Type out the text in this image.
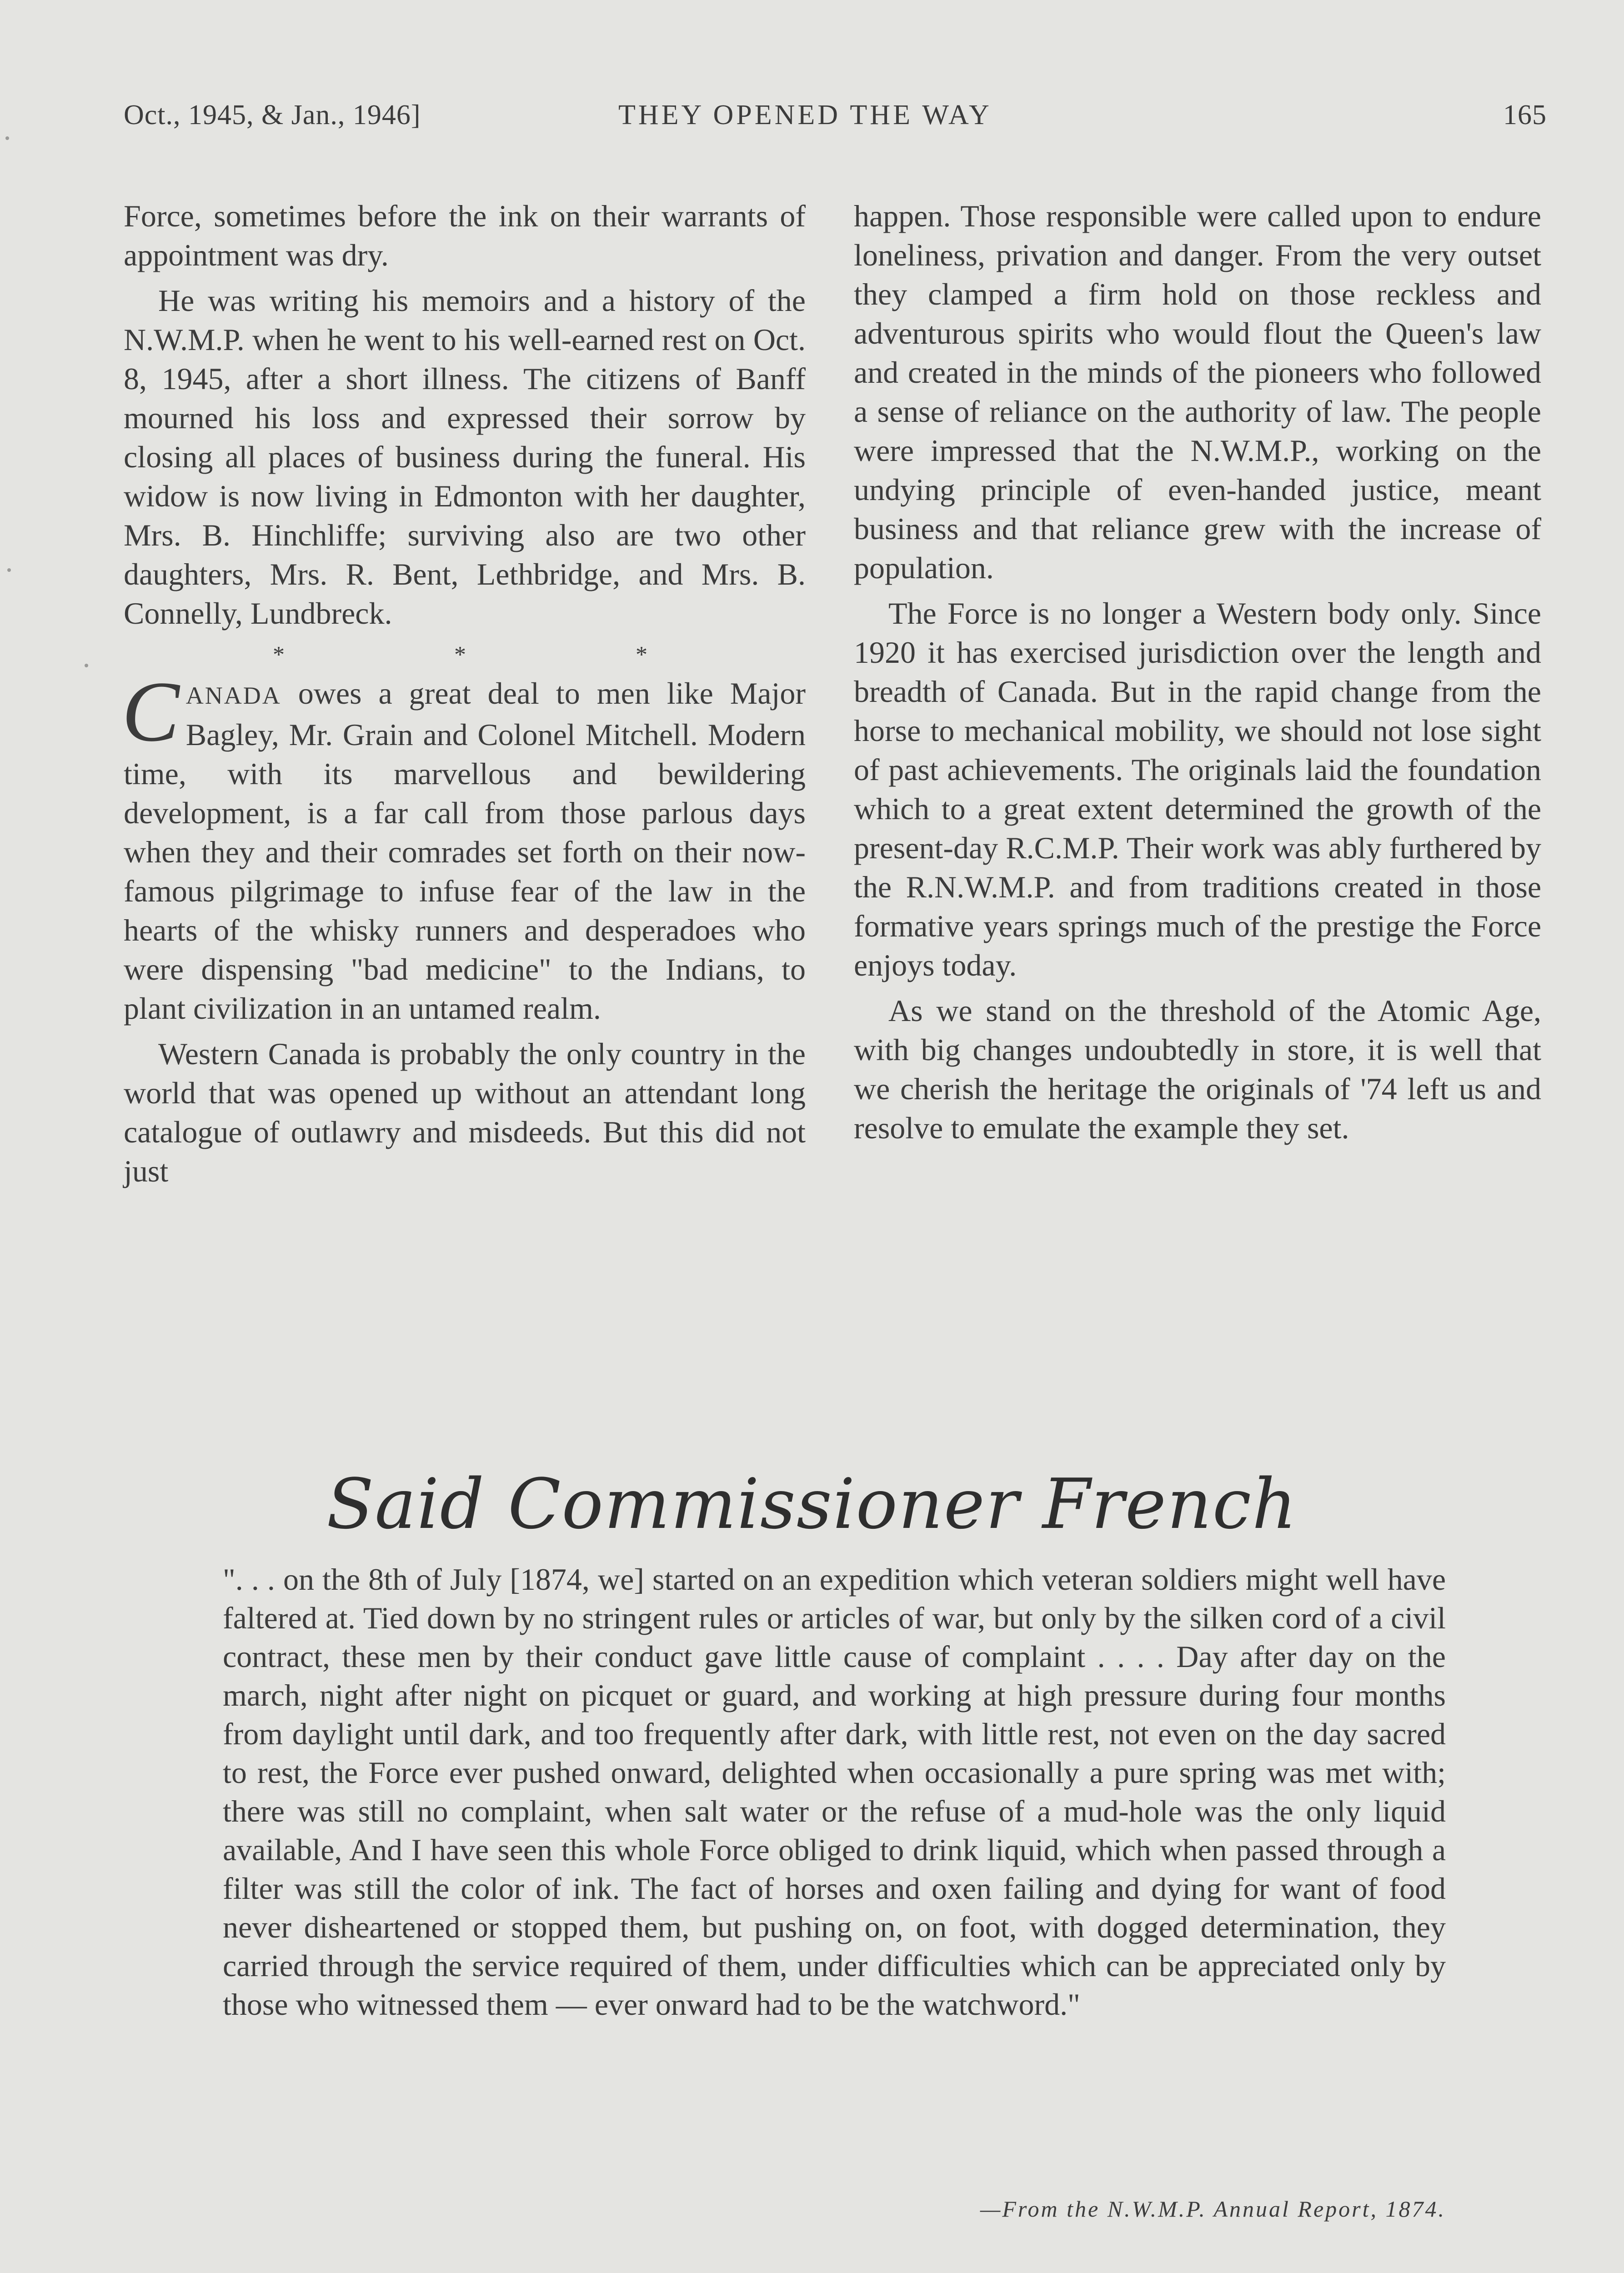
Oct., 1945, & Jan., 1946]	THEY OPENED THE WAY	165

Force, sometimes before the ink on their warrants of appointment was dry.

He was writing his memoirs and a history of the N.W.M.P. when he went to his well-earned rest on Oct. 8, 1945, after a short illness. The citizens of Banff mourned his loss and expressed their sorrow by closing all places of business during the funeral. His widow is now living in Edmonton with her daughter, Mrs. B. Hinchliffe; surviving also are two other daughters, Mrs. R. Bent, Lethbridge, and Mrs. B. Connelly, Lundbreck.

* * *

CANADA owes a great deal to men like Major Bagley, Mr. Grain and Colonel Mitchell. Modern time, with its marvellous and bewildering development, is a far call from those parlous days when they and their comrades set forth on their now-famous pilgrimage to infuse fear of the law in the hearts of the whisky runners and desperadoes who were dispensing "bad medicine" to the Indians, to plant civilization in an untamed realm.

Western Canada is probably the only country in the world that was opened up without an attendant long catalogue of outlawry and misdeeds. But this did not just

happen. Those responsible were called upon to endure loneliness, privation and danger. From the very outset they clamped a firm hold on those reckless and adventurous spirits who would flout the Queen's law and created in the minds of the pioneers who followed a sense of reliance on the authority of law. The people were impressed that the N.W.M.P., working on the undying principle of even-handed justice, meant business and that reliance grew with the increase of population.

The Force is no longer a Western body only. Since 1920 it has exercised jurisdiction over the length and breadth of Canada. But in the rapid change from the horse to mechanical mobility, we should not lose sight of past achievements. The originals laid the foundation which to a great extent determined the growth of the present-day R.C.M.P. Their work was ably furthered by the R.N.W.M.P. and from traditions created in those formative years springs much of the prestige the Force enjoys today.

As we stand on the threshold of the Atomic Age, with big changes undoubtedly in store, it is well that we cherish the heritage the originals of '74 left us and resolve to emulate the example they set.

Said Commissioner French

". . . on the 8th of July [1874, we] started on an expedition which veteran soldiers might well have faltered at. Tied down by no stringent rules or articles of war, but only by the silken cord of a civil contract, these men by their conduct gave little cause of complaint . . . . Day after day on the march, night after night on picquet or guard, and working at high pressure during four months from daylight until dark, and too frequently after dark, with little rest, not even on the day sacred to rest, the Force ever pushed onward, delighted when occasionally a pure spring was met with; there was still no complaint, when salt water or the refuse of a mud-hole was the only liquid available, And I have seen this whole Force obliged to drink liquid, which when passed through a filter was still the color of ink. The fact of horses and oxen failing and dying for want of food never disheartened or stopped them, but pushing on, on foot, with dogged determination, they carried through the service required of them, under difficulties which can be appreciated only by those who witnessed them — ever onward had to be the watchword."

—From the N.W.M.P. Annual Report, 1874.
